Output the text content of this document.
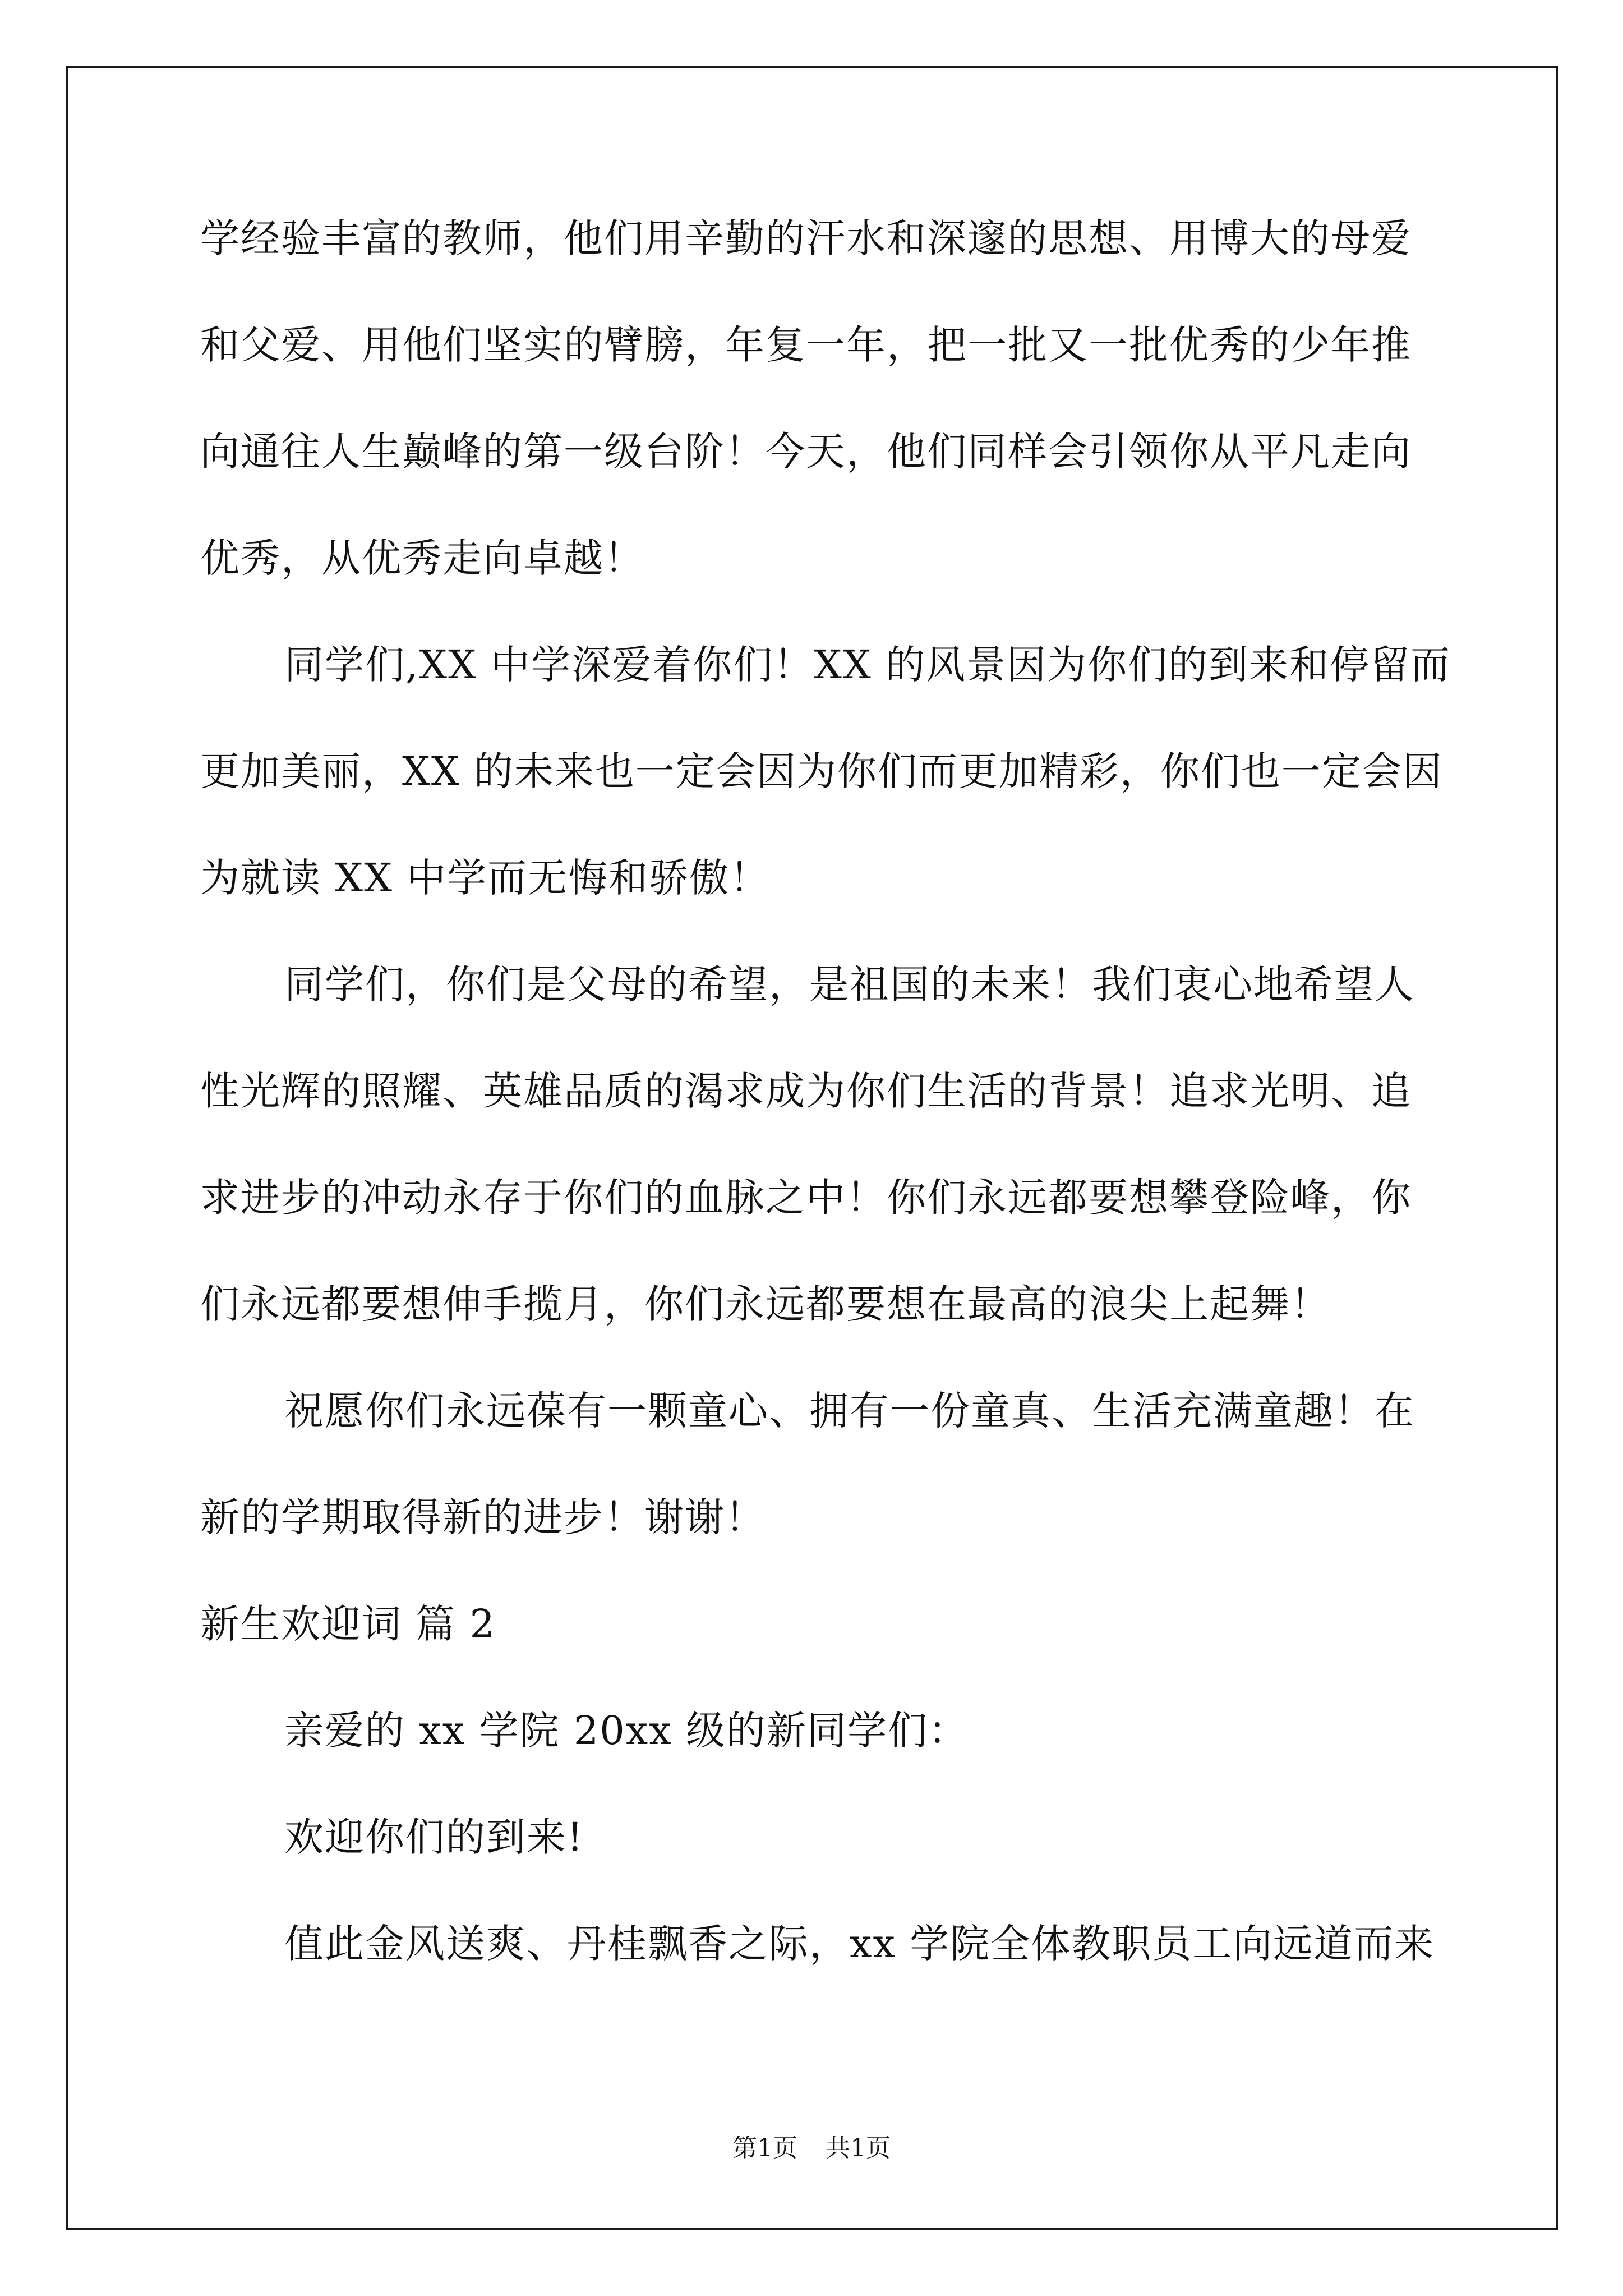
学经验丰富的教师，他们用辛勤的汗水和深邃的思想、用博大的母爱
和父爱、用他们坚实的臂膀，年复一年，把一批又一批优秀的少年推
向通往人生巅峰的第一级台阶！今天，他们同样会引领你从平凡走向
优秀，从优秀走向卓越！
同学们,XX 中学深爱着你们！XX 的风景因为你们的到来和停留而
更加美丽，XX 的未来也一定会因为你们而更加精彩，你们也一定会因
为就读 XX 中学而无悔和骄傲！
同学们，你们是父母的希望，是祖国的未来！我们衷心地希望人
性光辉的照耀、英雄品质的渴求成为你们生活的背景！追求光明、追
求进步的冲动永存于你们的血脉之中！你们永远都要想攀登险峰，你
们永远都要想伸手揽月，你们永远都要想在最高的浪尖上起舞！
祝愿你们永远葆有一颗童心、拥有一份童真、生活充满童趣！在
新的学期取得新的进步！谢谢！
新生欢迎词 篇 2
亲爱的 xx 学院 20xx 级的新同学们：
欢迎你们的到来!
值此金风送爽、丹桂飘香之际，xx 学院全体教职员工向远道而来
第1页 共1页
